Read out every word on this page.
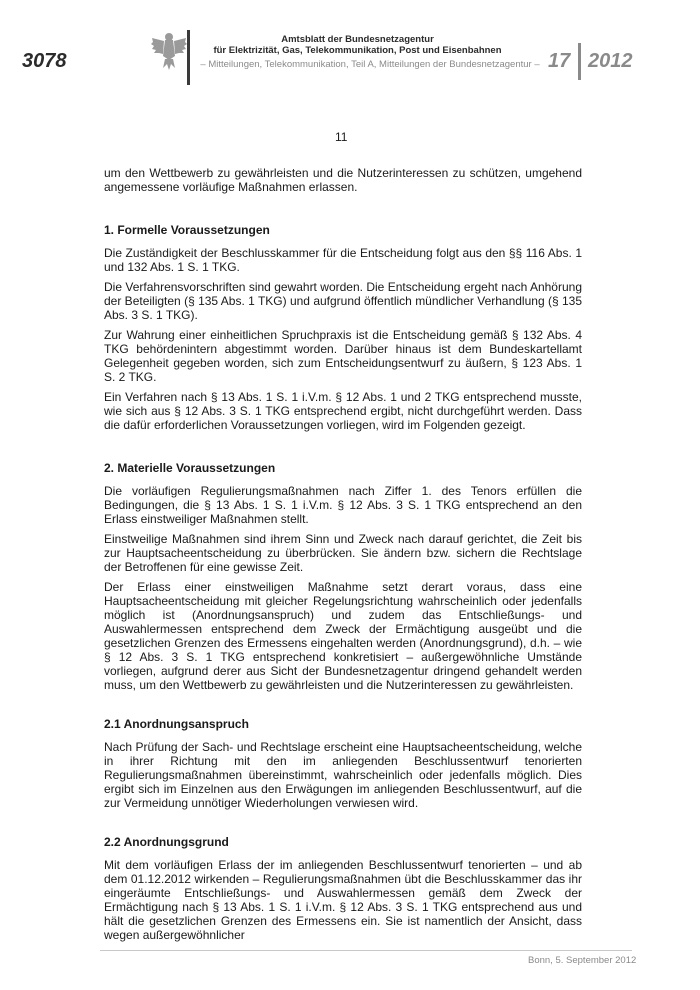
3078
Amtsblatt der Bundesnetzagentur
für Elektrizität, Gas, Telekommunikation, Post und Eisenbahnen
– Mitteilungen, Telekommunikation, Teil A, Mitteilungen der Bundesnetzagentur – 17 2012
11

um den Wettbewerb zu gewährleisten und die Nutzerinteressen zu schützen, umgehend angemessene vorläufige Maßnahmen erlassen.

1. Formelle Voraussetzungen

Die Zuständigkeit der Beschlusskammer für die Entscheidung folgt aus den §§ 116 Abs. 1 und 132 Abs. 1 S. 1 TKG.

Die Verfahrensvorschriften sind gewahrt worden. Die Entscheidung ergeht nach Anhörung der Beteiligten (§ 135 Abs. 1 TKG) und aufgrund öffentlich mündlicher Verhandlung (§ 135 Abs. 3 S. 1 TKG).

Zur Wahrung einer einheitlichen Spruchpraxis ist die Entscheidung gemäß § 132 Abs. 4 TKG behördenintern abgestimmt worden. Darüber hinaus ist dem Bundeskartellamt Gelegenheit gegeben worden, sich zum Entscheidungsentwurf zu äußern, § 123 Abs. 1 S. 2 TKG.

Ein Verfahren nach § 13 Abs. 1 S. 1 i.V.m. § 12 Abs. 1 und 2 TKG entsprechend musste, wie sich aus § 12 Abs. 3 S. 1 TKG entsprechend ergibt, nicht durchgeführt werden. Dass die dafür erforderlichen Voraussetzungen vorliegen, wird im Folgenden gezeigt.

2. Materielle Voraussetzungen

Die vorläufigen Regulierungsmaßnahmen nach Ziffer 1. des Tenors erfüllen die Bedingungen, die § 13 Abs. 1 S. 1 i.V.m. § 12 Abs. 3 S. 1 TKG entsprechend an den Erlass einstweiliger Maßnahmen stellt.

Einstweilige Maßnahmen sind ihrem Sinn und Zweck nach darauf gerichtet, die Zeit bis zur Hauptsacheentscheidung zu überbrücken. Sie ändern bzw. sichern die Rechtslage der Betroffenen für eine gewisse Zeit.

Der Erlass einer einstweiligen Maßnahme setzt derart voraus, dass eine Hauptsacheentscheidung mit gleicher Regelungsrichtung wahrscheinlich oder jedenfalls möglich ist (Anordnungsanspruch) und zudem das Entschließungs- und Auswahlermessen entsprechend dem Zweck der Ermächtigung ausgeübt und die gesetzlichen Grenzen des Ermessens eingehalten werden (Anordnungsgrund), d.h. – wie § 12 Abs. 3 S. 1 TKG entsprechend konkretisiert – außergewöhnliche Umstände vorliegen, aufgrund derer aus Sicht der Bundesnetzagentur dringend gehandelt werden muss, um den Wettbewerb zu gewährleisten und die Nutzerinteressen zu gewährleisten.

2.1 Anordnungsanspruch

Nach Prüfung der Sach- und Rechtslage erscheint eine Hauptsacheentscheidung, welche in ihrer Richtung mit den im anliegenden Beschlussentwurf tenorierten Regulierungsmaßnahmen übereinstimmt, wahrscheinlich oder jedenfalls möglich. Dies ergibt sich im Einzelnen aus den Erwägungen im anliegenden Beschlussentwurf, auf die zur Vermeidung unnötiger Wiederholungen verwiesen wird.

2.2 Anordnungsgrund

Mit dem vorläufigen Erlass der im anliegenden Beschlussentwurf tenorierten – und ab dem 01.12.2012 wirkenden – Regulierungsmaßnahmen übt die Beschlusskammer das ihr eingeräumte Entschließungs- und Auswahlermessen gemäß dem Zweck der Ermächtigung nach § 13 Abs. 1 S. 1 i.V.m. § 12 Abs. 3 S. 1 TKG entsprechend aus und hält die gesetzlichen Grenzen des Ermessens ein. Sie ist namentlich der Ansicht, dass wegen außergewöhnlicher

Bonn, 5. September 2012
